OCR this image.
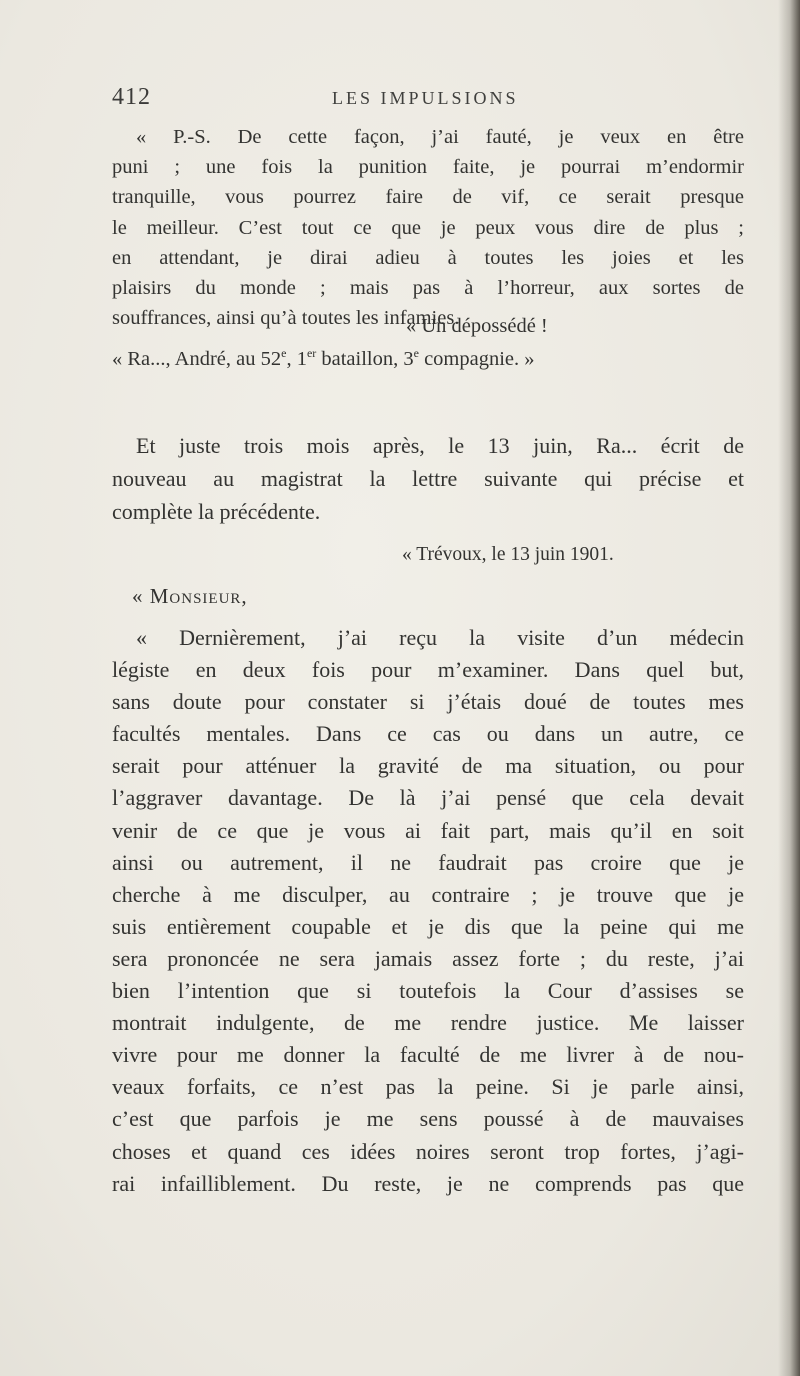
412	LES IMPULSIONS
« P.-S. De cette façon, j’ai fauté, je veux en être
puni ; une fois la punition faite, je pourrai m’endormir
tranquille, vous pourrez faire de vif, ce serait presque
le meilleur. C’est tout ce que je peux vous dire de plus ;
en attendant, je dirai adieu à toutes les joies et les
plaisirs du monde ; mais pas à l’horreur, aux sortes de
souffrances, ainsi qu’à toutes les infamies.
« Un dépossédé !
« Ra..., André, au 52e, 1er bataillon, 3e compagnie. »
Et juste trois mois après, le 13 juin, Ra... écrit de
nouveau au magistrat la lettre suivante qui précise et
complète la précédente.
« Trévoux, le 13 juin 1901.
« Monsieur,
« Dernièrement, j’ai reçu la visite d’un médecin
légiste en deux fois pour m’examiner. Dans quel but,
sans doute pour constater si j’étais doué de toutes mes
facultés mentales. Dans ce cas ou dans un autre, ce
serait pour atténuer la gravité de ma situation, ou pour
l’aggraver davantage. De là j’ai pensé que cela devait
venir de ce que je vous ai fait part, mais qu’il en soit
ainsi ou autrement, il ne faudrait pas croire que je
cherche à me disculper, au contraire ; je trouve que je
suis entièrement coupable et je dis que la peine qui me
sera prononcée ne sera jamais assez forte ; du reste, j’ai
bien l’intention que si toutefois la Cour d’assises se
montrait indulgente, de me rendre justice. Me laisser
vivre pour me donner la faculté de me livrer à de nou-
veaux forfaits, ce n’est pas la peine. Si je parle ainsi,
c’est que parfois je me sens poussé à de mauvaises
choses et quand ces idées noires seront trop fortes, j’agi-
rai infailliblement. Du reste, je ne comprends pas que
